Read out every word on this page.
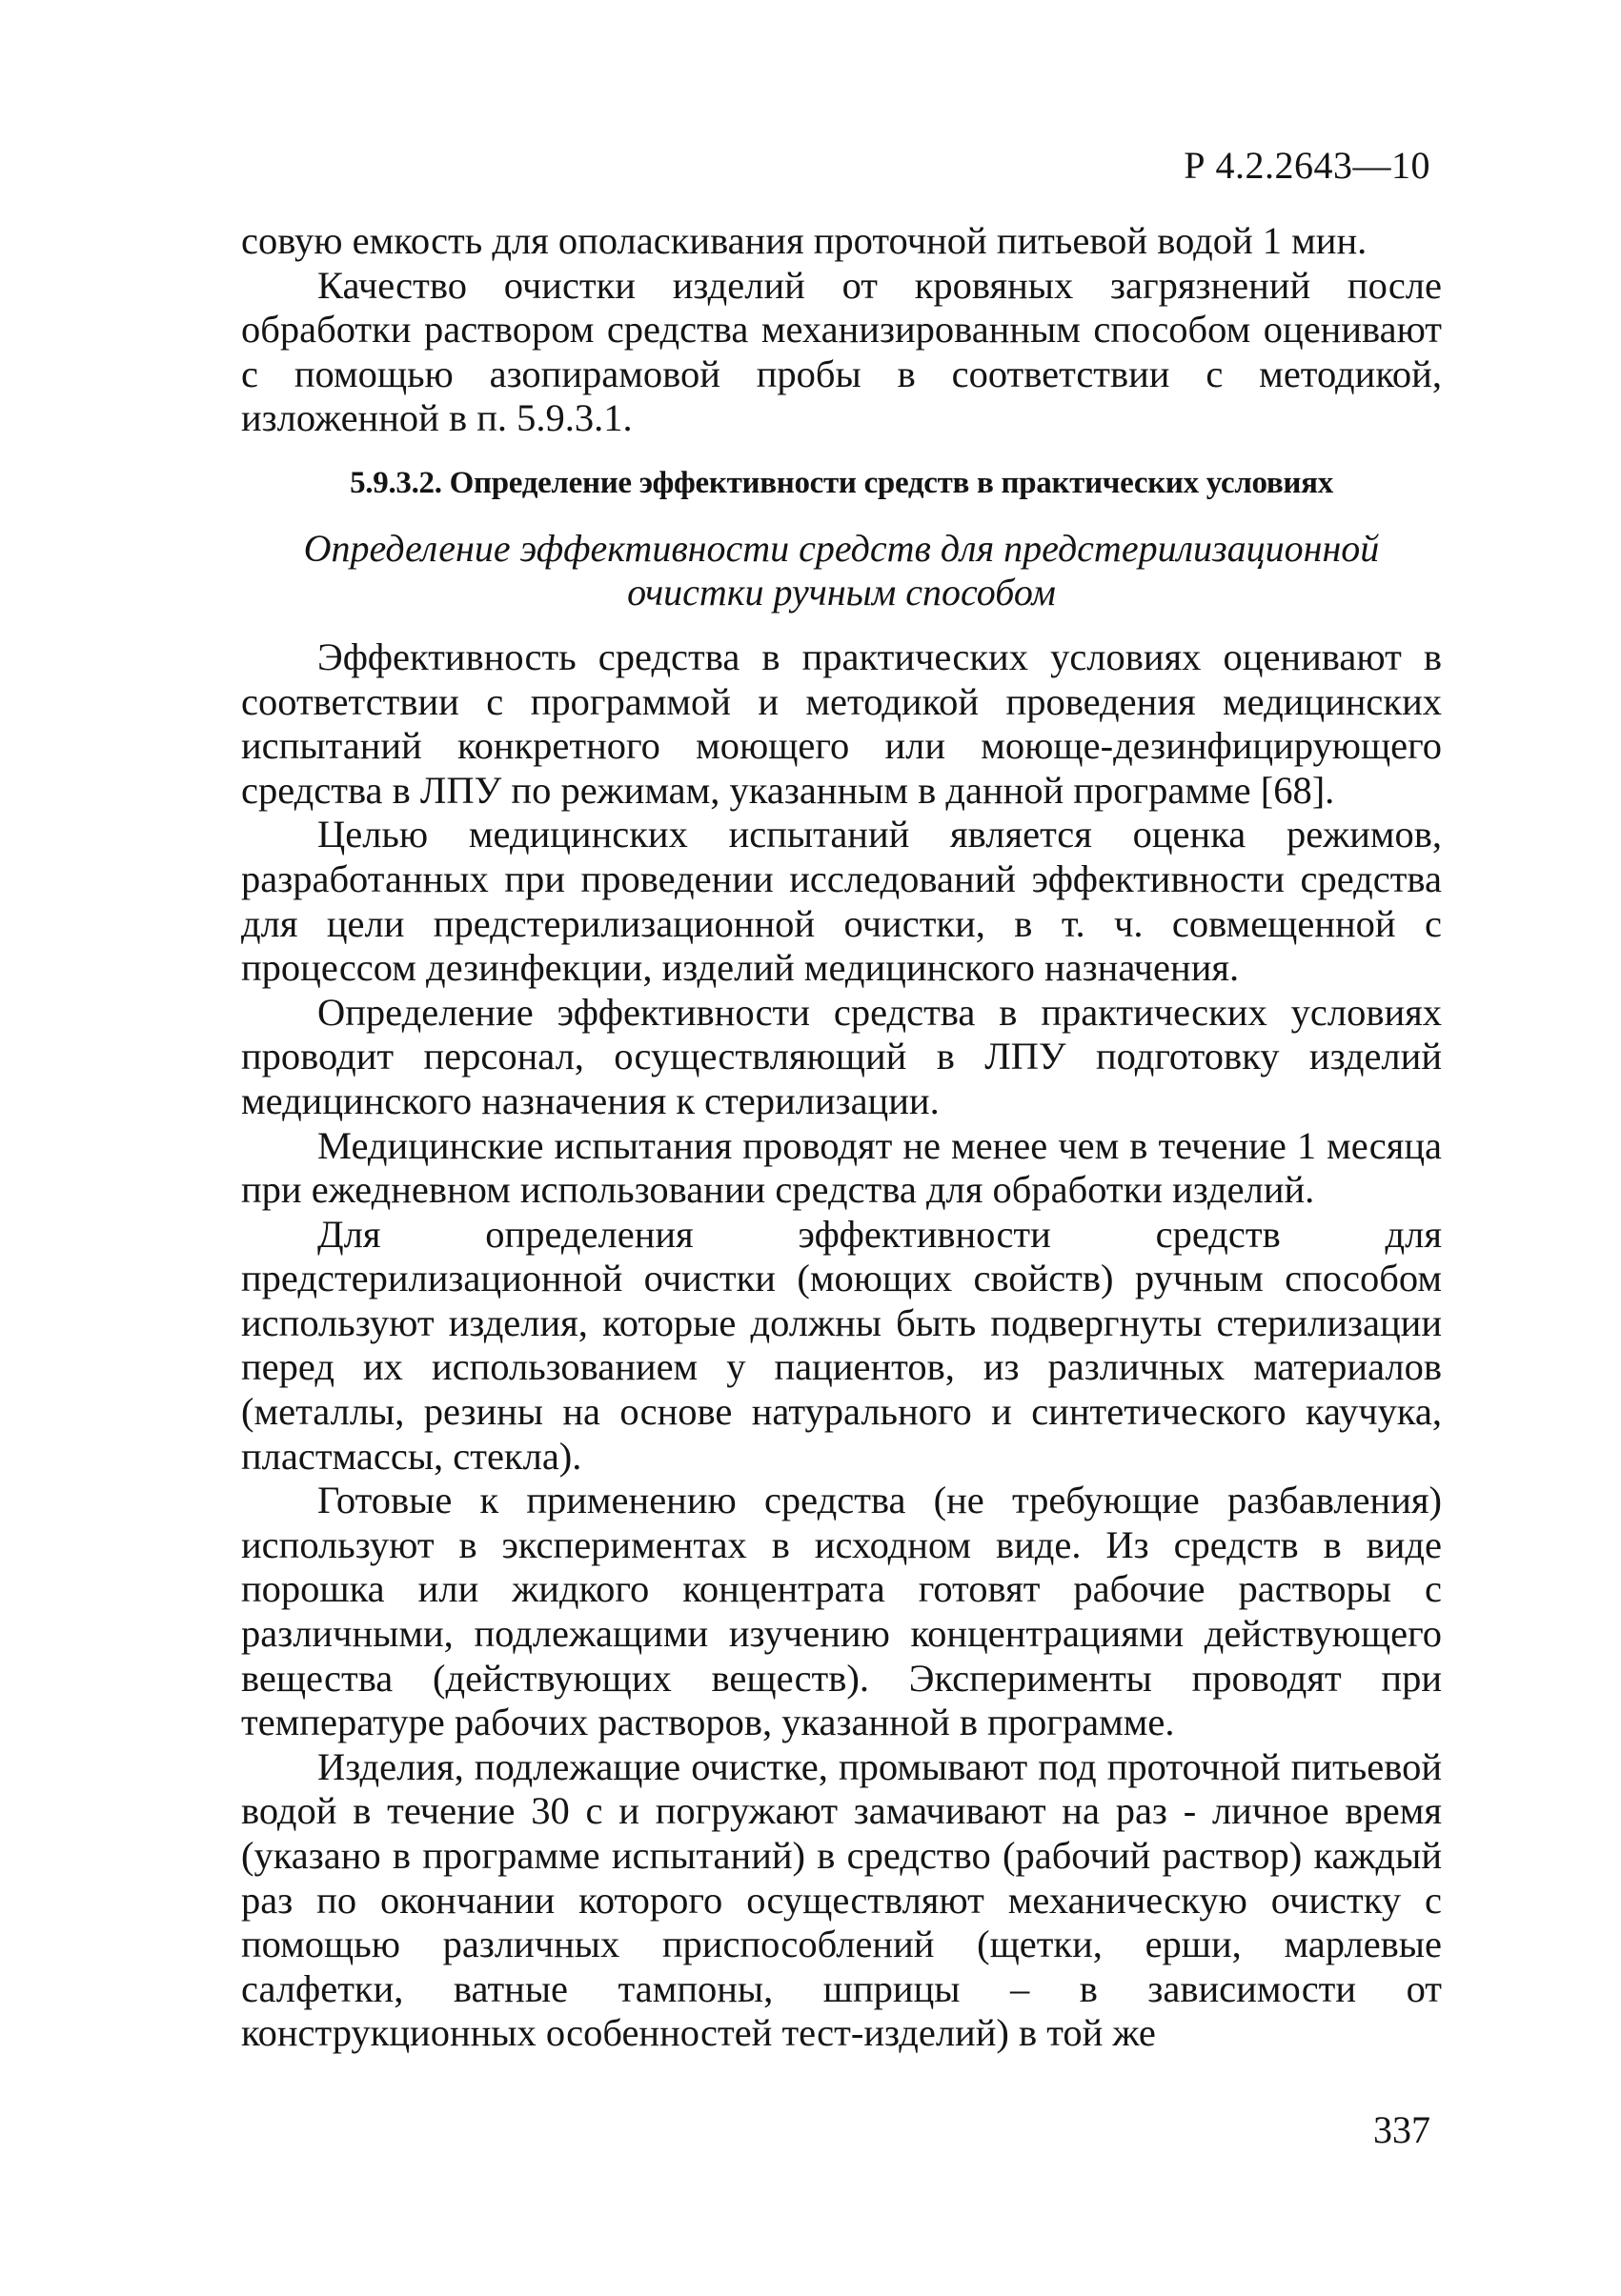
Р 4.2.2643—10

совую емкость для ополаскивания проточной питьевой водой 1 мин.

Качество очистки изделий от кровяных загрязнений после обработки раствором средства механизированным способом оценивают с помощью азопирамовой пробы в соответствии с методикой, изложенной в п. 5.9.3.1.

5.9.3.2. Определение эффективности средств в практических условиях
Определение эффективности средств для предстерилизационной
очистки ручным способом

Эффективность средства в практических условиях оценивают в соответствии с программой и методикой проведения медицинских испытаний конкретного моющего или моюще-дезинфицирующего средства в ЛПУ по режимам, указанным в данной программе [68].

Целью медицинских испытаний является оценка режимов, разработанных при проведении исследований эффективности средства для цели предстерилизационной очистки, в т. ч. совмещенной с процессом дезинфекции, изделий медицинского назначения.

Определение эффективности средства в практических условиях проводит персонал, осуществляющий в ЛПУ подготовку изделий медицинского назначения к стерилизации.

Медицинские испытания проводят не менее чем в течение 1 месяца при ежедневном использовании средства для обработки изделий.

Для определения эффективности средств для предстерилизационной очистки (моющих свойств) ручным способом используют изделия, которые должны быть подвергнуты стерилизации перед их использованием у пациентов, из различных материалов (металлы, резины на основе натурального и синтетического каучука, пластмассы, стекла).

Готовые к применению средства (не требующие разбавления) используют в экспериментах в исходном виде. Из средств в виде порошка или жидкого концентрата готовят рабочие растворы с различными, подлежащими изучению концентрациями действующего вещества (действующих веществ). Эксперименты проводят при температуре рабочих растворов, указанной в программе.

Изделия, подлежащие очистке, промывают под проточной питьевой водой в течение 30 с и погружают замачивают на раз - личное время (указано в программе испытаний) в средство (рабочий раствор) каждый раз по окончании которого осуществляют механическую очистку с помощью различных приспособлений (щетки, ерши, марлевые салфетки, ватные тампоны, шприцы – в зависимости от конструкционных особенностей тест-изделий) в той же

337
